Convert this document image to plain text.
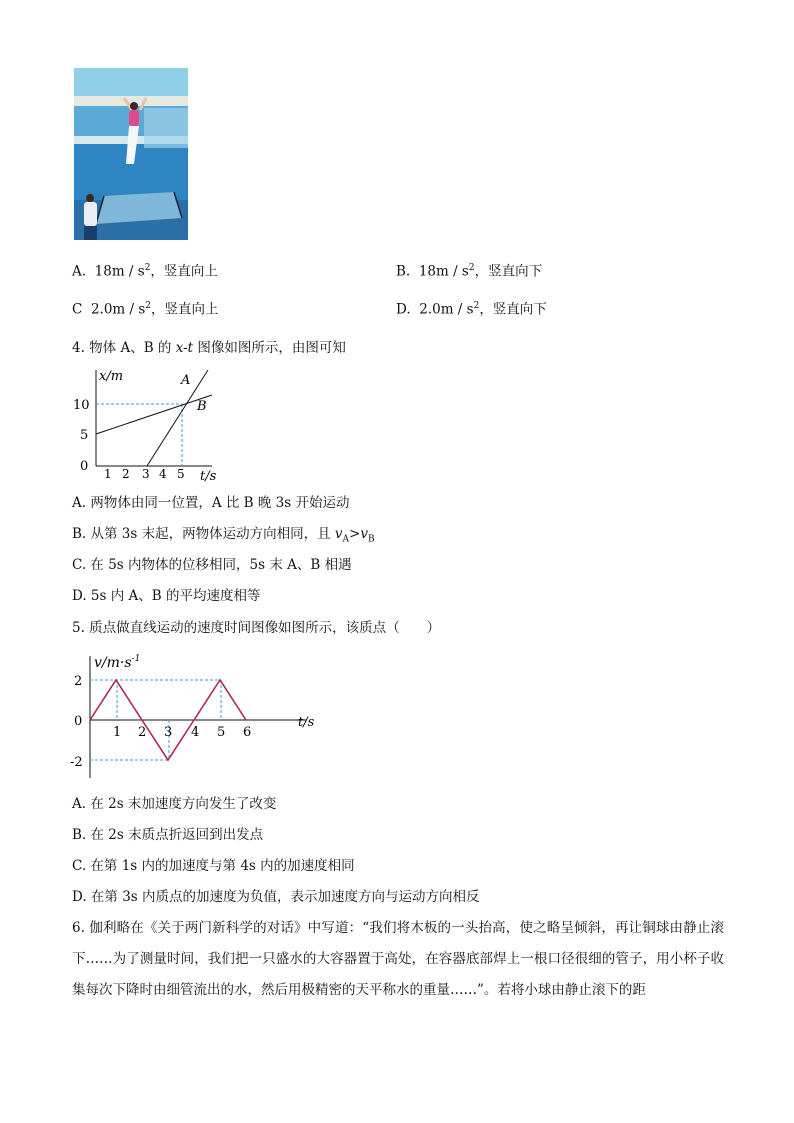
A. $18m / s^2$，竖直向上	B. $18m / s^2$，竖直向下
C $2.0m / s^2$，竖直向上	D. $2.0m / s^2$，竖直向下
4. 物体 A、B 的 x-t 图像如图所示，由图可知
x/m	A
B
10
5
0 1 2 3 4 5 t/s
A. 两物体由同一位置，A 比 B 晚 3s 开始运动
B. 从第 3s 末起，两物体运动方向相同，且 $v_A>v_B$
C. 在 5s 内物体的位移相同，5s 末 A、B 相遇
D. 5s 内 A、B 的平均速度相等
5. 质点做直线运动的速度时间图像如图所示，该质点（　　）
$v/m\cdot s^{-1}$
2
0
-2
1 2 3 4 5 6
t/s
A. 在 2s 末加速度方向发生了改变
B. 在 2s 末质点折返回到出发点
C. 在第 1s 内的加速度与第 4s 内的加速度相同
D. 在第 3s 内质点的加速度为负值，表示加速度方向与运动方向相反
6. 伽利略在《关于两门新科学的对话》中写道：“我们将木板的一头抬高，使之略呈倾斜，再让铜球由静止滚下……为了测量时间，我们把一只盛水的大容器置于高处，在容器底部焊上一根口径很细的管子，用小杯子收集每次下降时由细管流出的水，然后用极精密的天平称水的重量……”。若将小球由静止滚下的距
